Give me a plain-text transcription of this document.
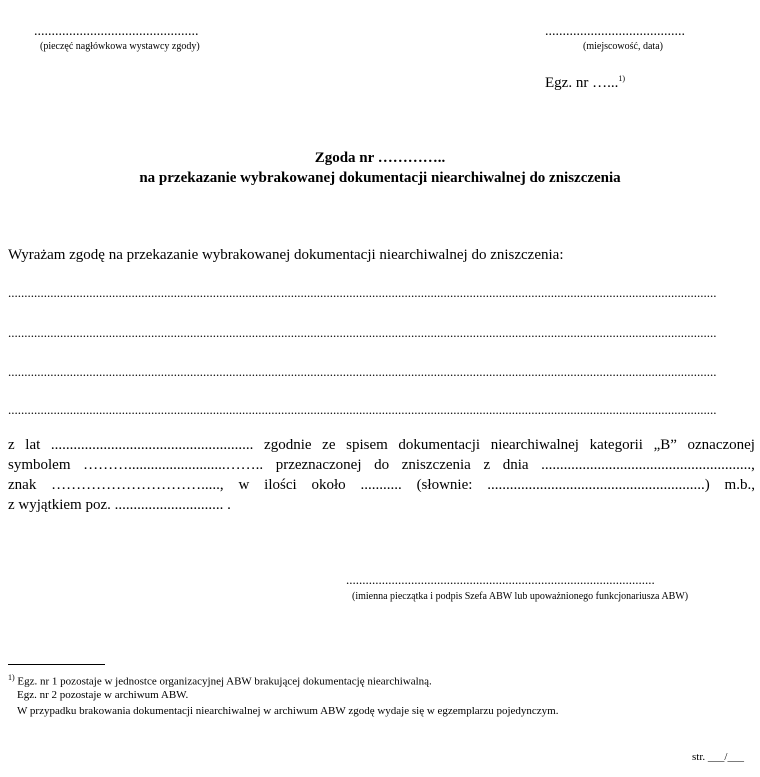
...............................................
(pieczęć nagłówkowa wystawcy zgody)
........................................
(miejscowość, data)
Egz. nr …...$^{1)}$
Zgoda nr …………..
na przekazanie wybrakowanej dokumentacji niearchiwalnej do zniszczenia
Wyrażam zgodę na przekazanie wybrakowanej dokumentacji niearchiwalnej do zniszczenia:
..........................................................................................................................................................................................................................
..........................................................................................................................................................................................................................
..........................................................................................................................................................................................................................
..........................................................................................................................................................................................................................
z lat ...................................................... zgodnie ze spisem dokumentacji niearchiwalnej kategorii „B” oznaczonej
symbolem ………..........................…….. przeznaczonej do zniszczenia z dnia ........................................................,
znak …………………………....., w ilości około ........... (słownie: ..........................................................) m.b.,
z wyjątkiem poz. ............................. .
...............................................................................................
(imienna pieczątka i podpis Szefa ABW lub upoważnionego funkcjonariusza ABW)
$^{1)}$ Egz. nr 1 pozostaje w jednostce organizacyjnej ABW brakującej dokumentację niearchiwalną.
Egz. nr 2 pozostaje w archiwum ABW.
W przypadku brakowania dokumentacji niearchiwalnej w archiwum ABW zgodę wydaje się w egzemplarzu pojedynczym.
str. ___/___
